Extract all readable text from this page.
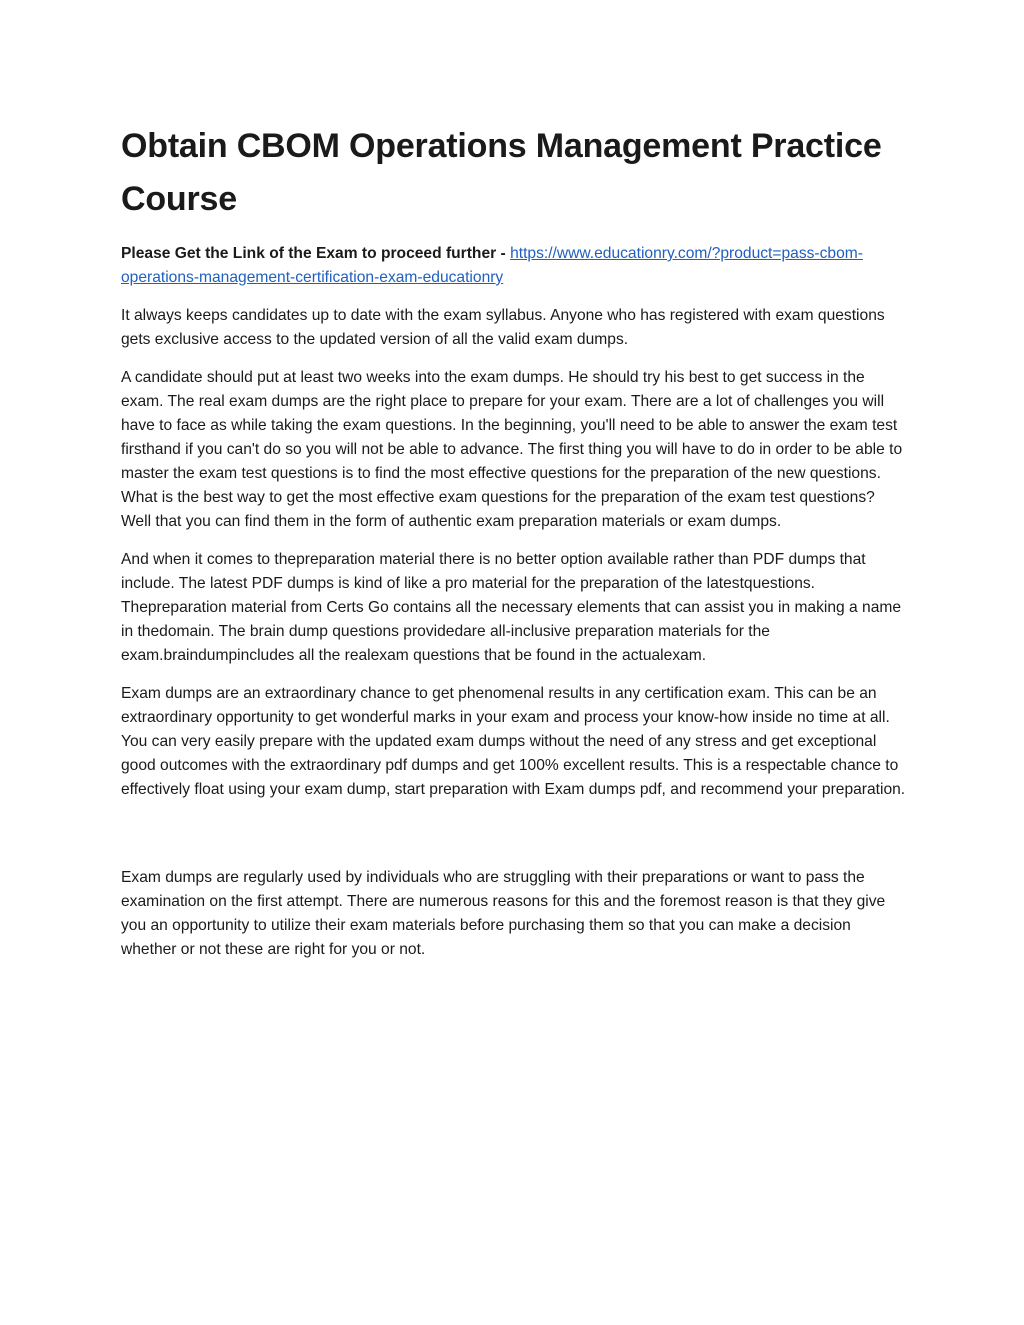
Obtain CBOM Operations Management Practice Course

Please Get the Link of the Exam to proceed further - https://www.educationry.com/?product=pass-cbom-operations-management-certification-exam-educationry

It always keeps candidates up to date with the exam syllabus. Anyone who has registered with exam questions gets exclusive access to the updated version of all the valid exam dumps.

A candidate should put at least two weeks into the exam dumps. He should try his best to get success in the exam. The real exam dumps are the right place to prepare for your exam. There are a lot of challenges you will have to face as while taking the exam questions. In the beginning, you'll need to be able to answer the exam test firsthand if you can't do so you will not be able to advance. The first thing you will have to do in order to be able to master the exam test questions is to find the most effective questions for the preparation of the new questions. What is the best way to get the most effective exam questions for the preparation of the exam test questions? Well that you can find them in the form of authentic exam preparation materials or exam dumps.

And when it comes to thepreparation material there is no better option available rather than PDF dumps that include. The latest PDF dumps is kind of like a pro material for the preparation of the latestquestions. Thepreparation material from Certs Go contains all the necessary elements that can assist you in making a name in thedomain. The brain dump questions providedare all-inclusive preparation materials for the exam.braindumpincludes all the realexam questions that be found in the actualexam.

Exam dumps are an extraordinary chance to get phenomenal results in any certification exam. This can be an extraordinary opportunity to get wonderful marks in your exam and process your know-how inside no time at all. You can very easily prepare with the updated exam dumps without the need of any stress and get exceptional good outcomes with the extraordinary pdf dumps and get 100% excellent results. This is a respectable chance to effectively float using your exam dump, start preparation with Exam dumps pdf, and recommend your preparation.

Exam dumps are regularly used by individuals who are struggling with their preparations or want to pass the examination on the first attempt. There are numerous reasons for this and the foremost reason is that they give you an opportunity to utilize their exam materials before purchasing them so that you can make a decision whether or not these are right for you or not.
